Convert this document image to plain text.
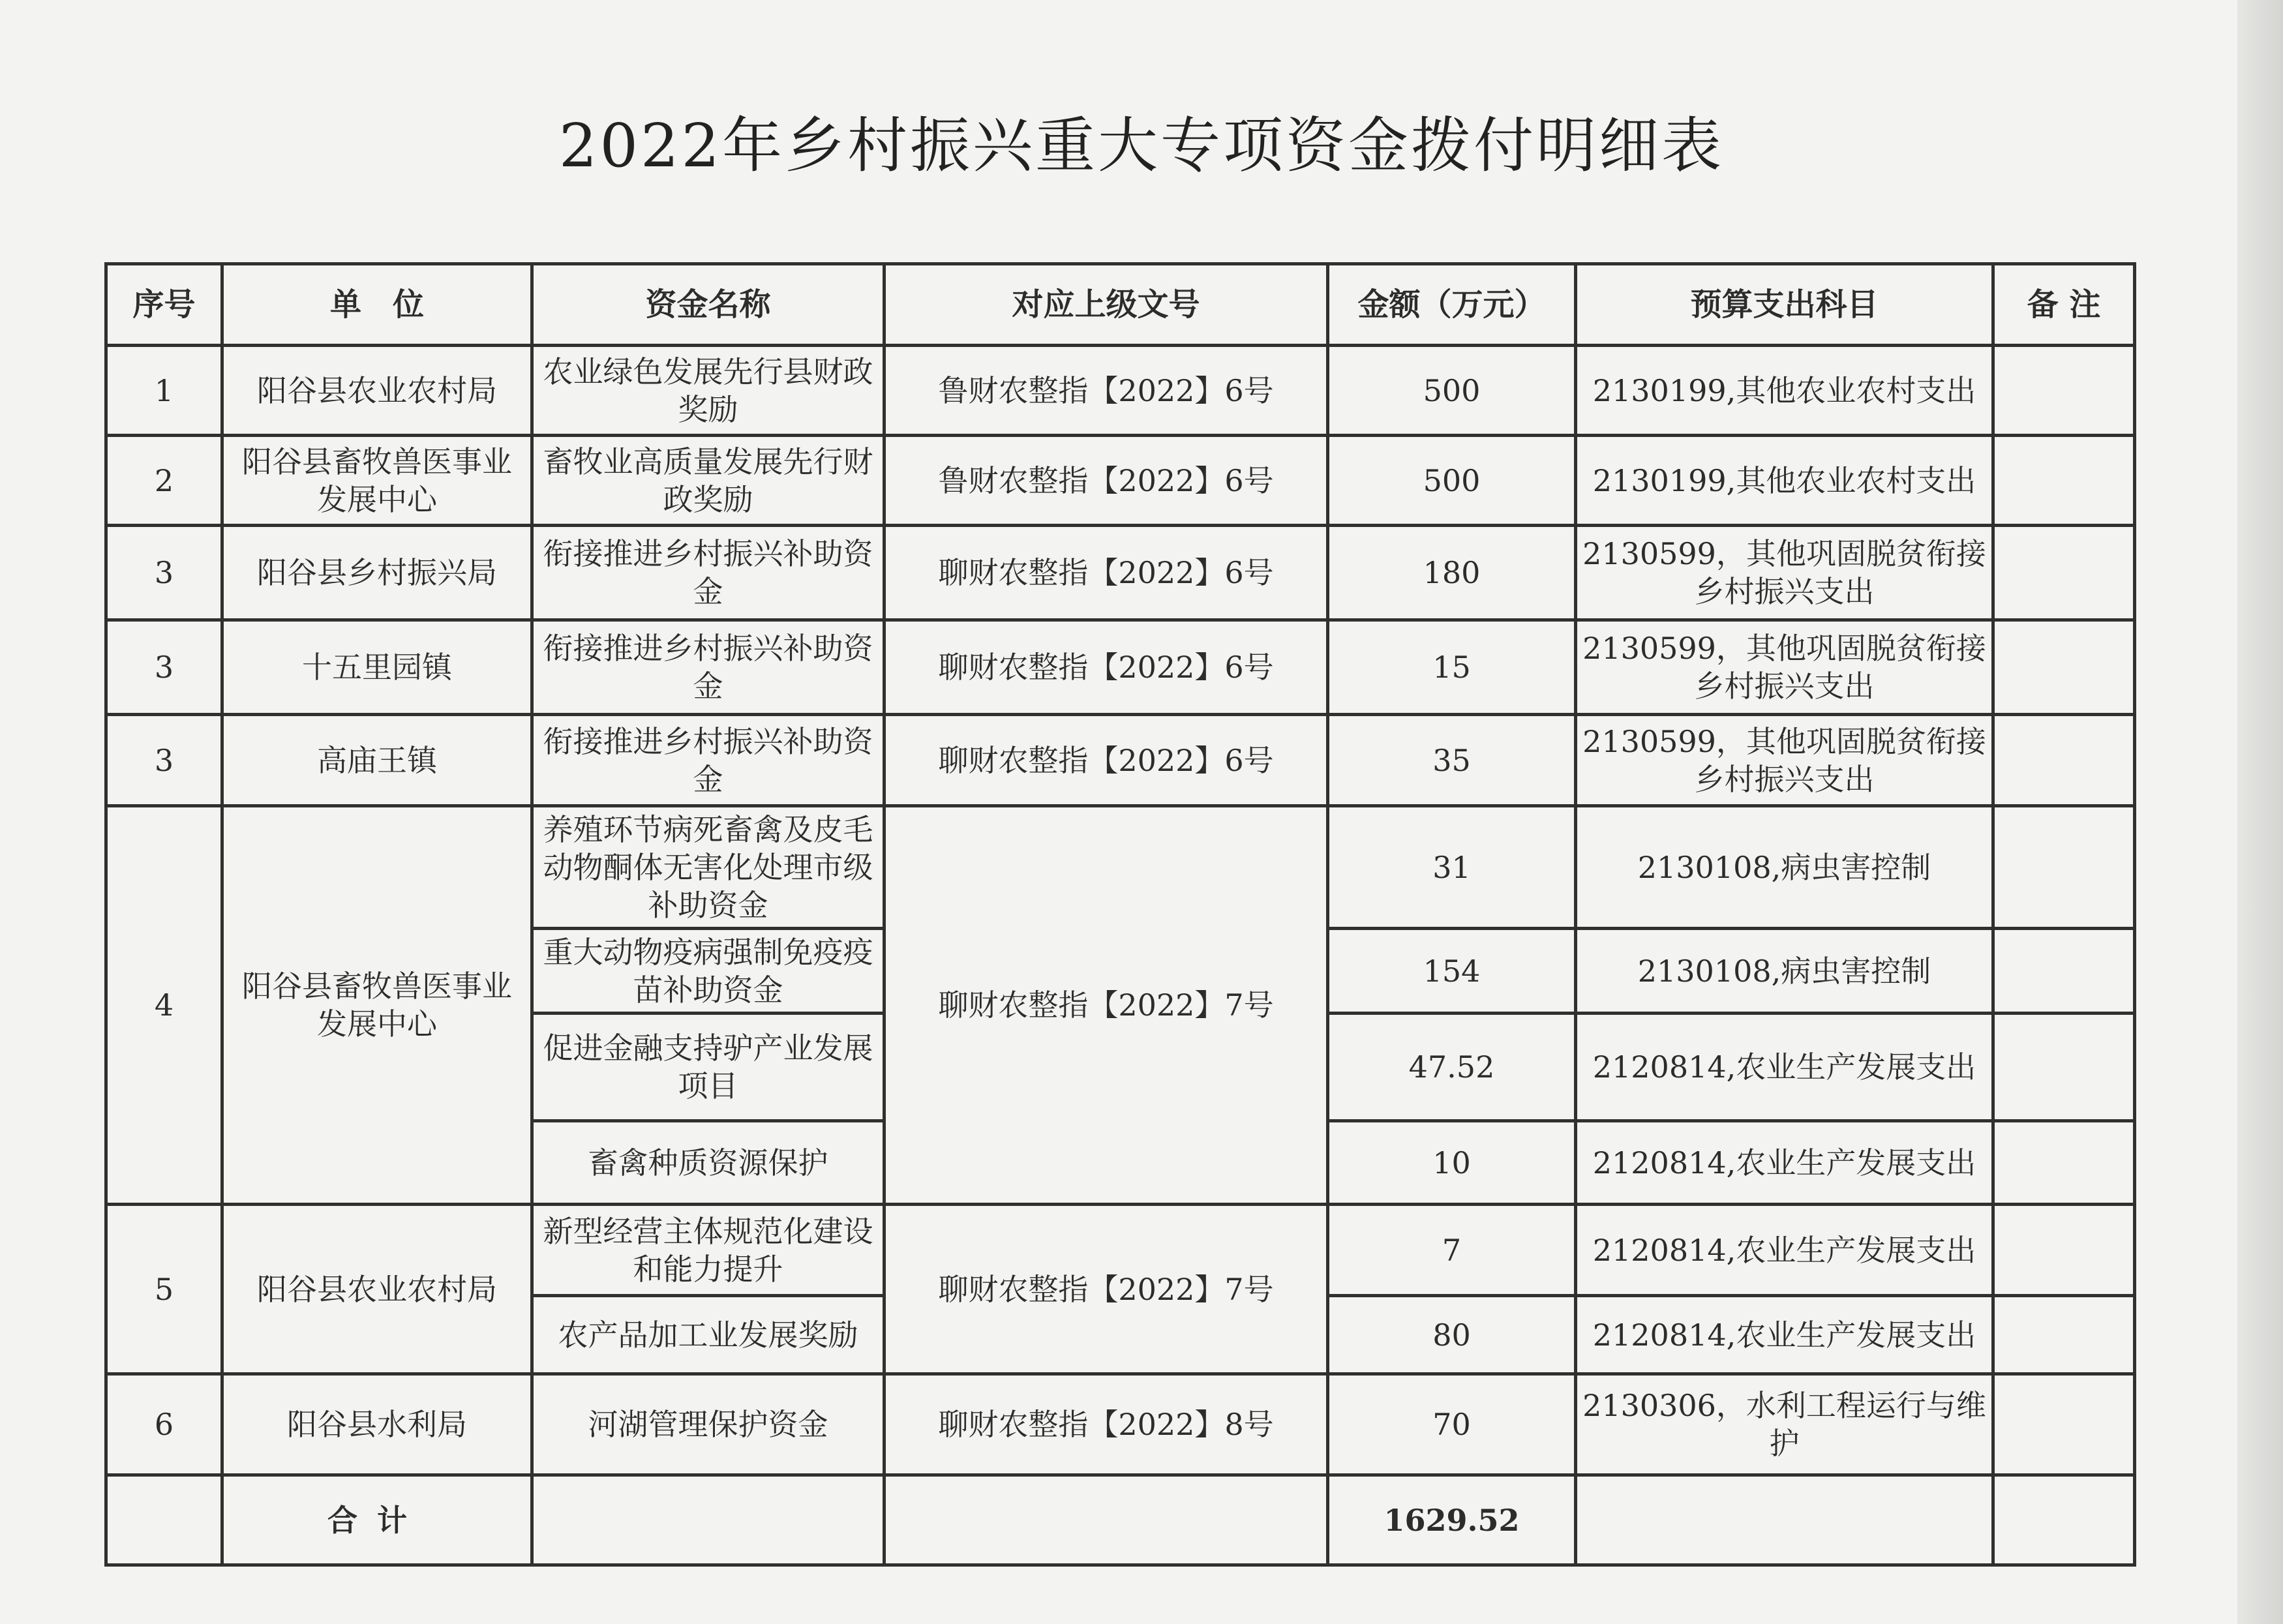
2022年乡村振兴重大专项资金拨付明细表
序号	单　位	资金名称	对应上级文号	金额（万元）	预算支出科目	备 注
1	阳谷县农业农村局	农业绿色发展先行县财政奖励	鲁财农整指【2022】6号	500	2130199,其他农业农村支出	
2	阳谷县畜牧兽医事业发展中心	畜牧业高质量发展先行财政奖励	鲁财农整指【2022】6号	500	2130199,其他农业农村支出	
3	阳谷县乡村振兴局	衔接推进乡村振兴补助资金	聊财农整指【2022】6号	180	2130599，其他巩固脱贫衔接乡村振兴支出	
3	十五里园镇	衔接推进乡村振兴补助资金	聊财农整指【2022】6号	15	2130599，其他巩固脱贫衔接乡村振兴支出	
3	高庙王镇	衔接推进乡村振兴补助资金	聊财农整指【2022】6号	35	2130599，其他巩固脱贫衔接乡村振兴支出	
4	阳谷县畜牧兽医事业发展中心	养殖环节病死畜禽及皮毛动物酮体无害化处理市级补助资金	聊财农整指【2022】7号	31	2130108,病虫害控制	
		重大动物疫病强制免疫疫苗补助资金		154	2130108,病虫害控制	
		促进金融支持驴产业发展项目		47.52	2120814,农业生产发展支出	
		畜禽种质资源保护		10	2120814,农业生产发展支出	
5	阳谷县农业农村局	新型经营主体规范化建设和能力提升	聊财农整指【2022】7号	7	2120814,农业生产发展支出	
		农产品加工业发展奖励		80	2120814,农业生产发展支出	
6	阳谷县水利局	河湖管理保护资金	聊财农整指【2022】8号	70	2130306，水利工程运行与维护	
	合计			1629.52		
